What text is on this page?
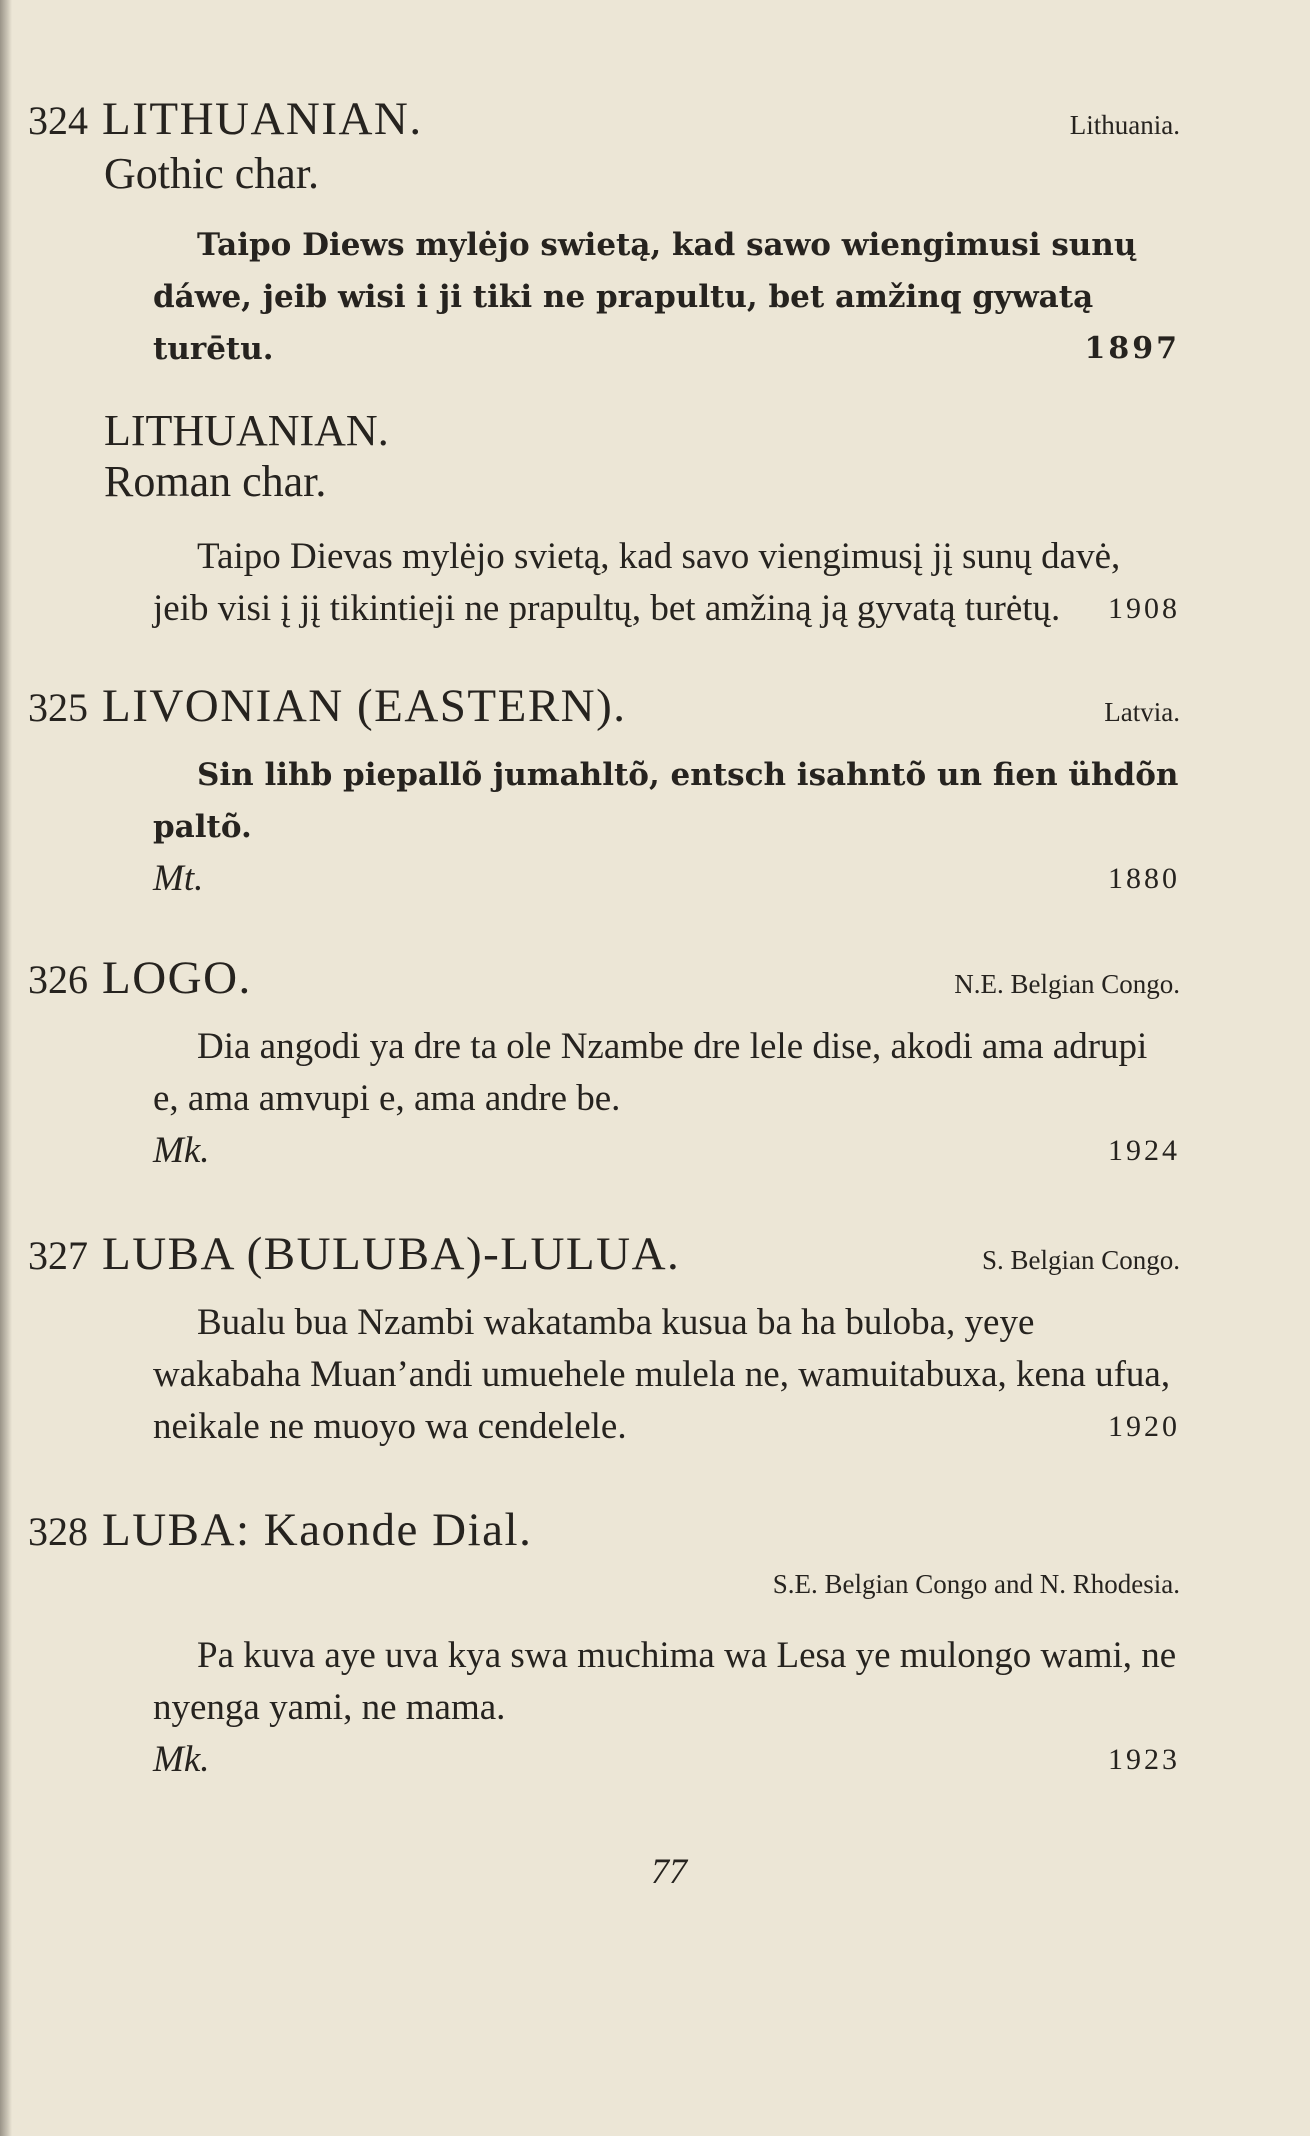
324 LITHUANIAN.	Lithuania.
Gothic char.
Taipo Diews mylėjo swietą, kad sawo wiengimusi sunų dáwe, jeib wisi i ji tiki ne prapultu, bet amžinq gywatą turētu.	1897
LITHUANIAN.
Roman char.
Taipo Dievas mylėjo svietą, kad savo viengimusį jį sunų davė, jeib visi į jį tikintieji ne prapultų, bet amžiną ją gyvatą turėtų.	1908
325 LIVONIAN (EASTERN).	Latvia.
Sin lihb piepallõ jumahltõ, entsch isahntõ un fien ühdõn paltõ.
Mt.	1880
326 LOGO.	N.E. Belgian Congo.
Dia angodi ya dre ta ole Nzambe dre lele dise, akodi ama adrupi e, ama amvupi e, ama andre be.
Mk.	1924
327 LUBA (BULUBA)-LULUA.	S. Belgian Congo.
Bualu bua Nzambi wakatamba kusua ba ha buloba, yeye wakabaha Muan’andi umuehele mulela ne, wamuitabuxa, kena ufua, neikale ne muoyo wa cendelele.	1920
328 LUBA: Kaonde Dial.
S.E. Belgian Congo and N. Rhodesia.
Pa kuva aye uva kya swa muchima wa Lesa ye mulongo wami, ne nyenga yami, ne mama.
Mk.	1923
77
